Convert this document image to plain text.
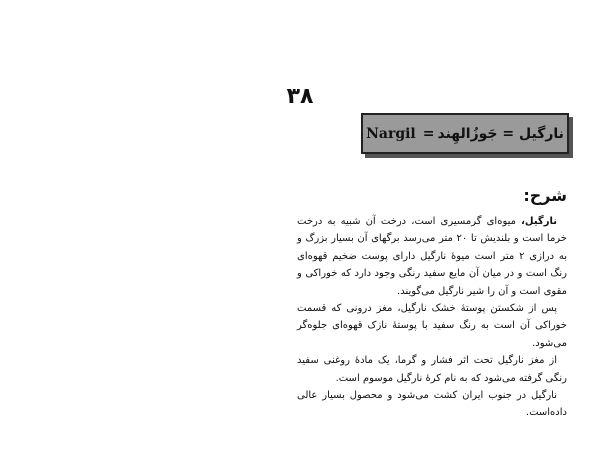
۳۸
نارگیل = جَوزُالهِند
=
Nargil
شرح:

نارگیل، میوه‌ای گرمسیری است، درخت آن شبیه به درخت خرما است و بلندیش تا ۲۰ متر می‌رسد برگهای آن بسیار بزرگ و به درازی ۲ متر است میوهٔ نارگیل دارای پوست ضخیم قهوه‌ای رنگ است و در میان آن مایع سفید رنگی وجود دارد که خوراکی و مقوی است و آن را شیر نارگیل می‌گویند.

پس از شکستن پوستهٔ خشک نارگیل، مغز درونی که قسمت خوراکی آن است به رنگ سفید با پوستهٔ نازک قهوه‌ای جلوه‌گر می‌شود.

از مغز نارگیل تحت اثر فشار و گرما، یک مادهٔ روغنی سفید رنگی گرفته می‌شود که به نام کرهٔ نارگیل موسوم است.

نارگیل در جنوب ایران کشت می‌شود و محصول بسیار عالی داده‌است.
